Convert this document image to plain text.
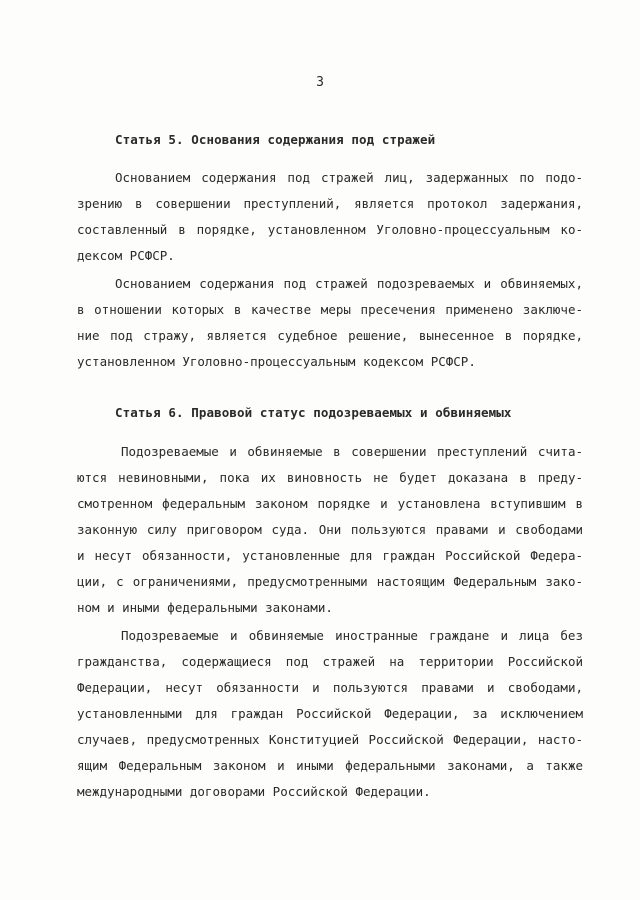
3
Статья 5. Основания содержания под стражей
Основанием содержания под стражей лиц, задержанных по подо-
зрению в совершении преступлений, является протокол задержания,
составленный в порядке, установленном Уголовно-процессуальным ко-
дексом РСФСР.
Основанием содержания под стражей подозреваемых и обвиняемых,
в отношении которых в качестве меры пресечения применено заключе-
ние под стражу, является судебное решение, вынесенное в порядке,
установленном Уголовно-процессуальным кодексом РСФСР.
Статья 6. Правовой статус подозреваемых и обвиняемых
Подозреваемые и обвиняемые в совершении преступлений счита-
ются невиновными, пока их виновность не будет доказана в преду-
смотренном федеральным законом порядке и установлена вступившим в
законную силу приговором суда. Они пользуются правами и свободами
и несут обязанности, установленные для граждан Российской Федера-
ции, с ограничениями, предусмотренными настоящим Федеральным зако-
ном и иными федеральными законами.
Подозреваемые и обвиняемые иностранные граждане и лица без
гражданства, содержащиеся под стражей на территории Российской
Федерации, несут обязанности и пользуются правами и свободами,
установленными для граждан Российской Федерации, за исключением
случаев, предусмотренных Конституцией Российской Федерации, насто-
ящим Федеральным законом и иными федеральными законами, а также
международными договорами Российской Федерации.
